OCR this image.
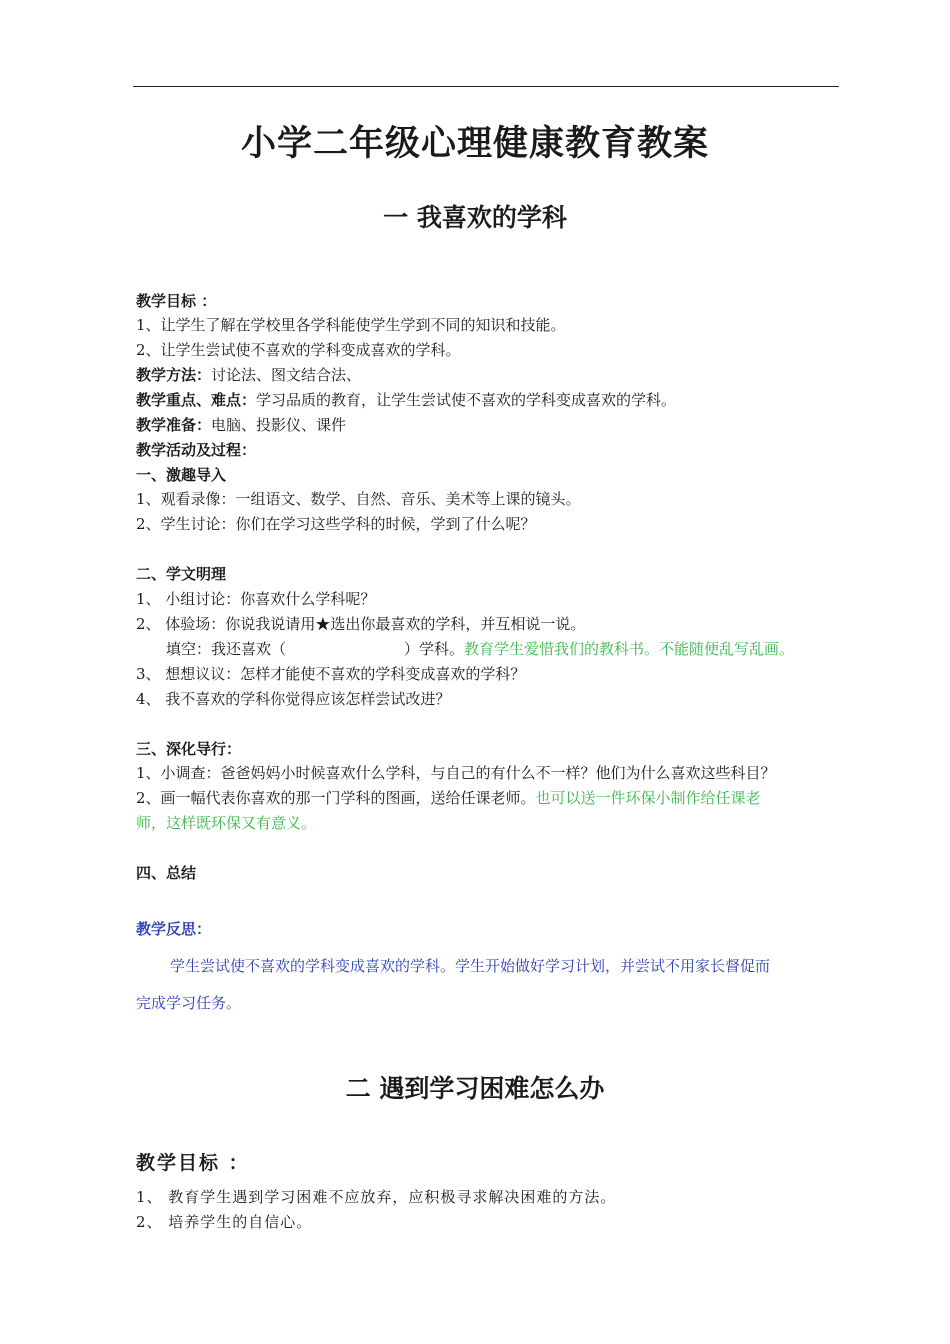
小学二年级心理健康教育教案
一 我喜欢的学科
教学目标 ：
1、让学生了解在学校里各学科能使学生学到不同的知识和技能。
2、让学生尝试使不喜欢的学科变成喜欢的学科。
教学方法：讨论法、图文结合法、
教学重点、难点：学习品质的教育，让学生尝试使不喜欢的学科变成喜欢的学科。
教学准备：电脑、投影仪、课件
教学活动及过程：
一、激趣导入
1、观看录像：一组语文、数学、自然、音乐、美术等上课的镜头。
2、学生讨论：你们在学习这些学科的时候，学到了什么呢？
二、学文明理
1、 小组讨论：你喜欢什么学科呢？
2、 体验场：你说我说请用★选出你最喜欢的学科，并互相说一说。
填空：我还喜欢（	）学科。教育学生爱惜我们的教科书。不能随便乱写乱画。
3、 想想议议：怎样才能使不喜欢的学科变成喜欢的学科？
4、 我不喜欢的学科你觉得应该怎样尝试改进？
三、深化导行：
1、小调查：爸爸妈妈小时候喜欢什么学科，与自己的有什么不一样？他们为什么喜欢这些科目？
2、画一幅代表你喜欢的那一门学科的图画，送给任课老师。也可以送一件环保小制作给任课老
师，这样既环保又有意义。
四、总结
教学反思：
学生尝试使不喜欢的学科变成喜欢的学科。学生开始做好学习计划，并尝试不用家长督促而
完成学习任务。
二 遇到学习困难怎么办
教学目标 ：
1、 教育学生遇到学习困难不应放弃，应积极寻求解决困难的方法。
2、 培养学生的自信心。
